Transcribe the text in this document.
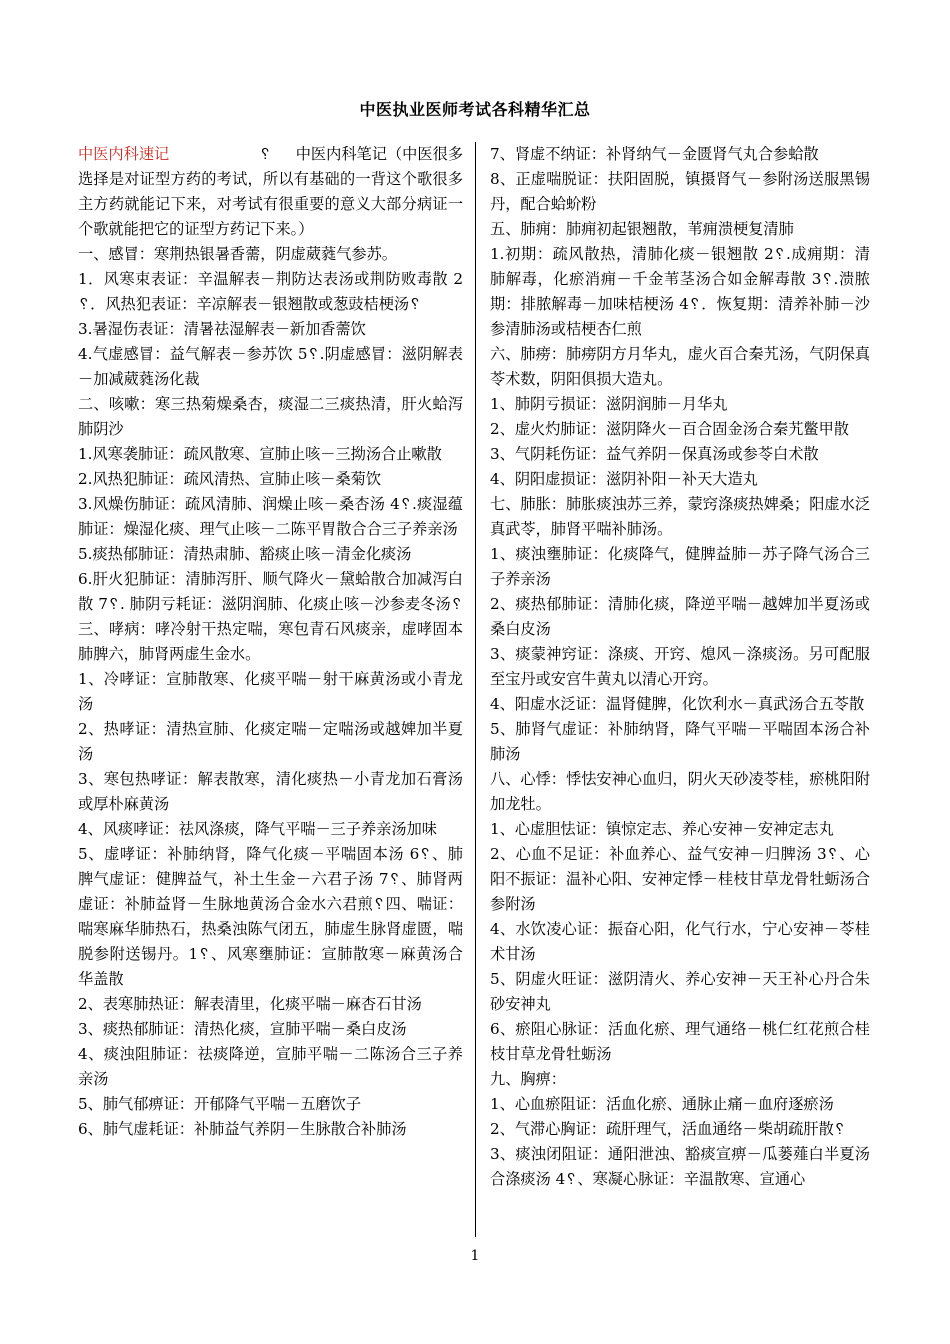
中医执业医师考试各科精华汇总

中医内科速记	␦ 中医内科笔记（中医很多选择是对证型方药的考试，所以有基础的一背这个歌很多主方药就能记下来，对考试有很重要的意义大部分病证一个歌就能把它的证型方药记下来。）

一、感冒：寒荆热银暑香薷，阴虚葳蕤气参苏。

1．风寒束表证：辛温解表－荆防达表汤或荆防败毒散 2␦．风热犯表证：辛凉解表－银翘散或葱豉桔梗汤␦

3.暑湿伤表证：清暑祛湿解表－新加香薷饮

4.气虚感冒：益气解表－参苏饮 5␦.阴虚感冒：滋阴解表－加减葳蕤汤化裁

二、咳嗽：寒三热菊燥桑杏，痰湿二三痰热清，肝火蛤泻肺阴沙

1.风寒袭肺证：疏风散寒、宣肺止咳－三拗汤合止嗽散

2.风热犯肺证：疏风清热、宣肺止咳－桑菊饮

3.风燥伤肺证：疏风清肺、润燥止咳－桑杏汤 4␦.痰湿蕴肺证：燥湿化痰、理气止咳－二陈平胃散合合三子养亲汤

5.痰热郁肺证：清热肃肺、豁痰止咳－清金化痰汤

6.肝火犯肺证：清肺泻肝、顺气降火－黛蛤散合加减泻白散 7␦. 肺阴亏耗证：滋阴润肺、化痰止咳－沙参麦冬汤␦三、哮病：哮冷射干热定喘，寒包青石风痰亲，虚哮固本肺脾六，肺肾两虚生金水。

1、冷哮证：宣肺散寒、化痰平喘－射干麻黄汤或小青龙汤

2、热哮证：清热宣肺、化痰定喘－定喘汤或越婢加半夏汤

3、寒包热哮证：解表散寒，清化痰热－小青龙加石膏汤或厚朴麻黄汤

4、风痰哮证：祛风涤痰，降气平喘－三子养亲汤加味

5、虚哮证：补肺纳肾，降气化痰－平喘固本汤 6␦、肺脾气虚证：健脾益气，补土生金－六君子汤 7␦、肺肾两虚证：补肺益肾－生脉地黄汤合金水六君煎␦四、喘证：喘寒麻华肺热石，热桑浊陈气闭五，肺虚生脉肾虚匮，喘脱参附送锡丹。1␦、风寒壅肺证：宣肺散寒－麻黄汤合华盖散

2、表寒肺热证：解表清里，化痰平喘－麻杏石甘汤

3、痰热郁肺证：清热化痰，宣肺平喘－桑白皮汤

4、痰浊阻肺证：祛痰降逆，宣肺平喘－二陈汤合三子养亲汤

5、肺气郁痹证：开郁降气平喘－五磨饮子

6、肺气虚耗证：补肺益气养阴－生脉散合补肺汤

7、肾虚不纳证：补肾纳气－金匮肾气丸合参蛤散

8、正虚喘脱证：扶阳固脱，镇摄肾气－参附汤送服黑锡丹，配合蛤蚧粉

五、肺痈：肺痈初起银翘散，苇痈溃梗复清肺

1.初期：疏风散热，清肺化痰－银翘散 2␦.成痈期：清肺解毒，化瘀消痈－千金苇茎汤合如金解毒散 3␦.溃脓期：排脓解毒－加味桔梗汤 4␦．恢复期：清养补肺－沙参清肺汤或桔梗杏仁煎

六、肺痨：肺痨阴方月华丸，虚火百合秦艽汤，气阴保真苓术数，阴阳俱损大造丸。

1、肺阴亏损证：滋阴润肺－月华丸

2、虚火灼肺证：滋阴降火－百合固金汤合秦艽鳖甲散

3、气阴耗伤证：益气养阴－保真汤或参苓白术散

4、阴阳虚损证：滋阴补阳－补天大造丸

七、肺胀：肺胀痰浊苏三养，蒙窍涤痰热婢桑；阳虚水泛真武苓，肺肾平喘补肺汤。

1、痰浊壅肺证：化痰降气，健脾益肺－苏子降气汤合三子养亲汤

2、痰热郁肺证：清肺化痰，降逆平喘－越婢加半夏汤或桑白皮汤

3、痰蒙神窍证：涤痰、开窍、熄风－涤痰汤。另可配服至宝丹或安宫牛黄丸以清心开窍。

4、阳虚水泛证：温肾健脾，化饮利水－真武汤合五苓散

5、肺肾气虚证：补肺纳肾，降气平喘－平喘固本汤合补肺汤

八、心悸：悸怯安神心血归，阴火天砂凌苓桂，瘀桃阳附加龙牡。

1、心虚胆怯证：镇惊定志、养心安神－安神定志丸

2、心血不足证：补血养心、益气安神－归脾汤 3␦、心阳不振证：温补心阳、安神定悸－桂枝甘草龙骨牡蛎汤合参附汤

4、水饮凌心证：振奋心阳，化气行水，宁心安神－苓桂术甘汤

5、阴虚火旺证：滋阴清火、养心安神－天王补心丹合朱砂安神丸

6、瘀阻心脉证：活血化瘀、理气通络－桃仁红花煎合桂枝甘草龙骨牡蛎汤

九、胸痹：

1、心血瘀阻证：活血化瘀、通脉止痛－血府逐瘀汤

2、气滞心胸证：疏肝理气，活血通络－柴胡疏肝散␦

3、痰浊闭阻证：通阳泄浊、豁痰宣痹－瓜蒌薤白半夏汤合涤痰汤 4␦、寒凝心脉证：辛温散寒、宣通心

1
